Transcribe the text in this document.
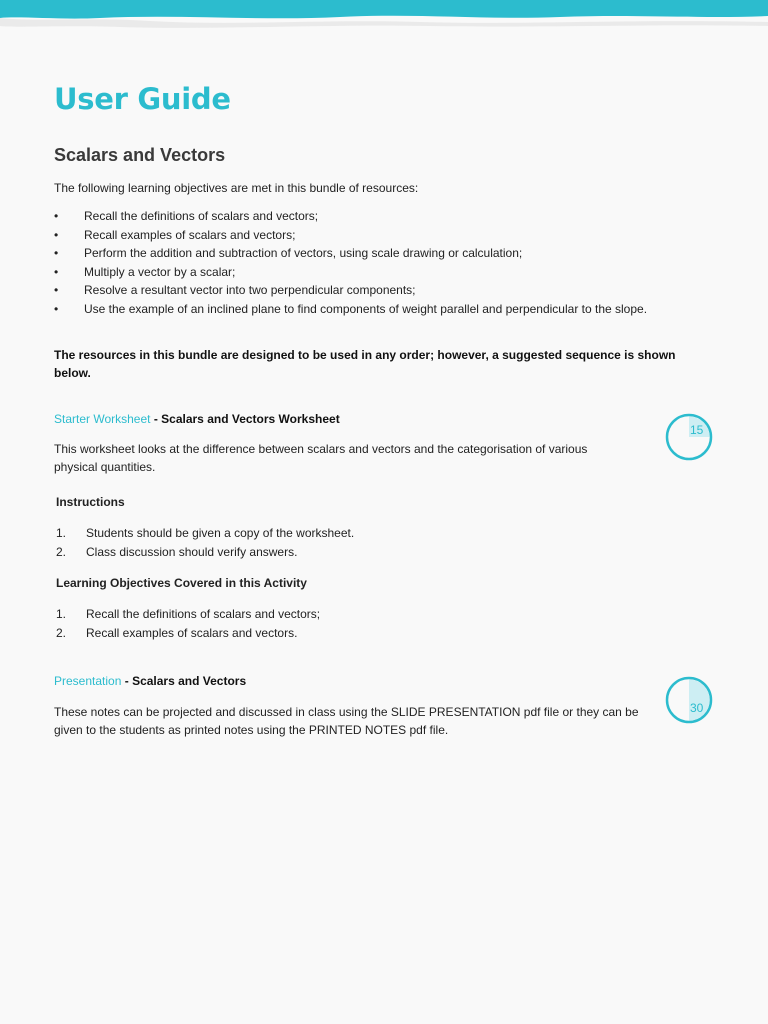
User Guide
Scalars and Vectors

The following learning objectives are met in this bundle of resources:

• Recall the definitions of scalars and vectors;
• Recall examples of scalars and vectors;
• Perform the addition and subtraction of vectors, using scale drawing or calculation;
• Multiply a vector by a scalar;
• Resolve a resultant vector into two perpendicular components;
• Use the example of an inclined plane to find components of weight parallel and perpendicular to the slope.

The resources in this bundle are designed to be used in any order; however, a suggested sequence is shown below.

Starter Worksheet - Scalars and Vectors Worksheet

15

This worksheet looks at the difference between scalars and vectors and the categorisation of various physical quantities.

Instructions

1. Students should be given a copy of the worksheet.
2. Class discussion should verify answers.

Learning Objectives Covered in this Activity

1. Recall the definitions of scalars and vectors;
2. Recall examples of scalars and vectors.

Presentation - Scalars and Vectors

30

These notes can be projected and discussed in class using the SLIDE PRESENTATION pdf file or they can be given to the students as printed notes using the PRINTED NOTES pdf file.
